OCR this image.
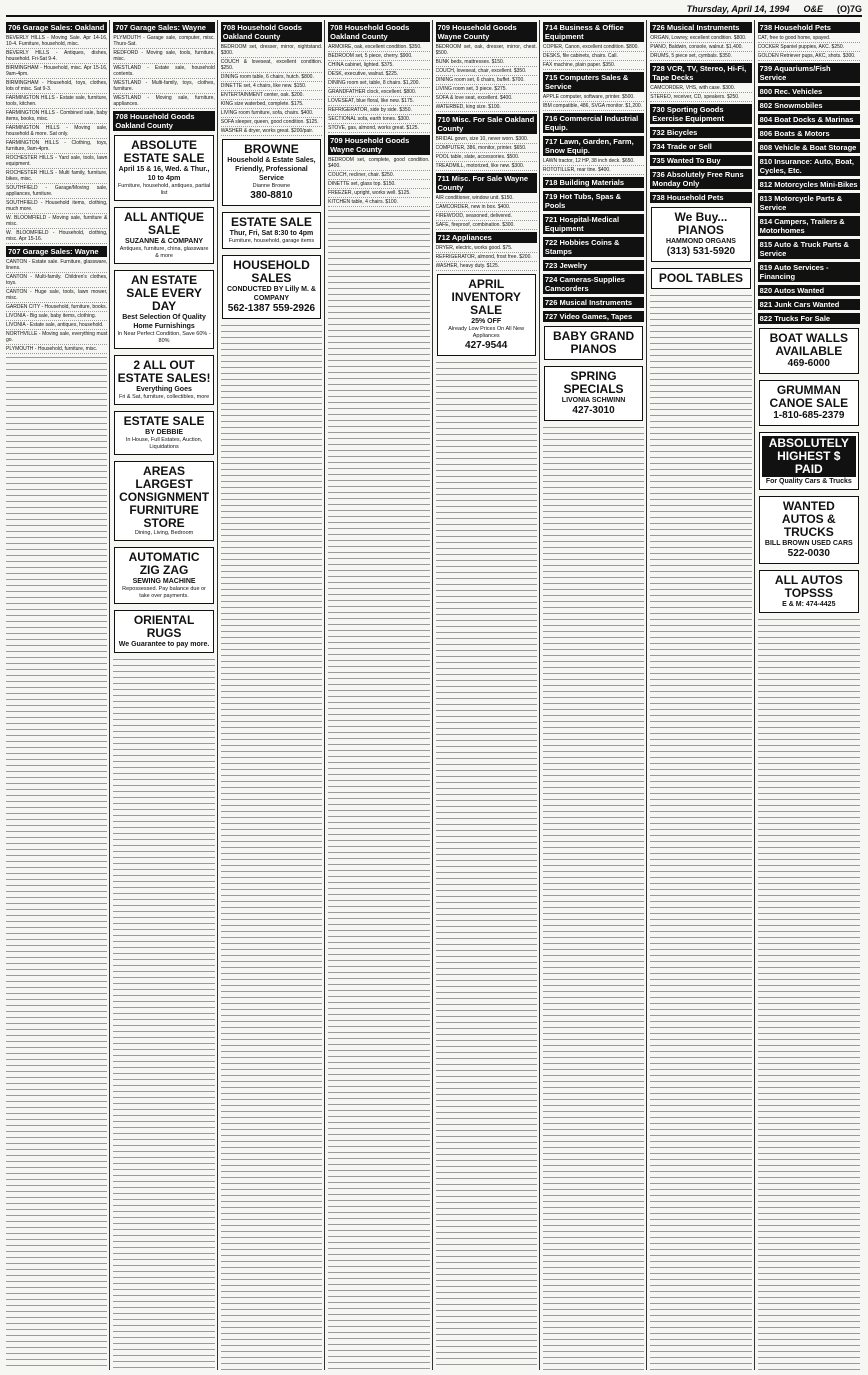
Thursday, April 14, 1994 O&E (O)7G
706 Garage Sales: Oakland
BEVERLY HILLS - Moving Sale. Apr 14-16, 10-4. Furniture, household, misc.
BEVERLY HILLS - Antiques, dishes, household. Fri-Sat 9-4.
BIRMINGHAM - Household, misc. Apr 15-16, 9am-4pm.
BIRMINGHAM - Household, toys, clothes, lots of misc. Sat 9-3.
FARMINGTON HILLS - Estate sale, furniture, tools, kitchen.
FARMINGTON HILLS - Combined sale, baby items, books, misc.
FARMINGTON HILLS - Moving sale, household & more. Sat only.
FARMINGTON HILLS - Clothing, toys, furniture, 9am-4pm.
ROCHESTER HILLS - Yard sale, tools, lawn equipment.
ROCHESTER HILLS - Multi family, furniture, bikes, misc.
SOUTHFIELD - Garage/Moving sale, appliances, furniture.
SOUTHFIELD - Household items, clothing, much more.
W. BLOOMFIELD - Moving sale, furniture & misc.
W. BLOOMFIELD - Household, clothing, misc. Apr 15-16.
707 Garage Sales: Wayne
CANTON - Estate sale. Furniture, glassware, linens.
CANTON - Multi-family. Children's clothes, toys.
CANTON - Huge sale, tools, lawn mower, misc.
GARDEN CITY - Household, furniture, books.
LIVONIA - Big sale, baby items, clothing.
LIVONIA - Estate sale, antiques, household.
NORTHVILLE - Moving sale, everything must go.
PLYMOUTH - Household, furniture, misc.
707 Garage Sales: Wayne
PLYMOUTH - Garage sale, computer, misc. Thurs-Sat.
REDFORD - Moving sale, tools, furniture, misc.
WESTLAND - Estate sale, household contents.
WESTLAND - Multi-family, toys, clothes, furniture.
WESTLAND - Moving sale, furniture, appliances.
708 Household Goods Oakland County
ABSOLUTE ESTATE SALE
April 15 & 16, Wed. & Thur., 10 to 4pm
Furniture, household, antiques, partial list
ALL ANTIQUE SALE
SUZANNE & COMPANY
Antiques, furniture, china, glassware & more
AN ESTATE SALE EVERY DAY
Best Selection Of Quality Home Furnishings
In Near Perfect Condition, Save 60% - 80%
2 ALL OUT ESTATE SALES!
Everything Goes
Fri & Sat, furniture, collectibles, more
ESTATE SALE
BY DEBBIE
In House, Full Estates, Auction, Liquidations
AREAS LARGEST CONSIGNMENT FURNITURE STORE
Dining, Living, Bedroom
AUTOMATIC ZIG ZAG
SEWING MACHINE
Repossessed. Pay balance due or take over payments.
ORIENTAL RUGS
We Guarantee to pay more.
708 Household Goods Oakland County
BEDROOM set, dresser, mirror, nightstand. $300.
COUCH & loveseat, excellent condition. $250.
DINING room table, 6 chairs, hutch. $800.
DINETTE set, 4 chairs, like new. $150.
ENTERTAINMENT center, oak. $200.
KING size waterbed, complete. $175.
LIVING room furniture, sofa, chairs. $400.
SOFA sleeper, queen, good condition. $125.
WASHER & dryer, works great. $200/pair.
BROWNE
Household & Estate Sales, Friendly, Professional Service
Dianne Browne
380-8810
ESTATE SALE
Thur, Fri, Sat 8:30 to 4pm
Furniture, household, garage items
HOUSEHOLD SALES
CONDUCTED BY Lilly M. & COMPANY
562-1387 559-2926
708 Household Goods Oakland County
ARMOIRE, oak, excellent condition. $350.
BEDROOM set, 5 piece, cherry. $900.
CHINA cabinet, lighted. $375.
DESK, executive, walnut. $225.
DINING room set, table, 8 chairs. $1,200.
GRANDFATHER clock, excellent. $800.
LOVESEAT, blue floral, like new. $175.
REFRIGERATOR, side by side. $350.
SECTIONAL sofa, earth tones. $300.
STOVE, gas, almond, works great. $125.
709 Household Goods Wayne County
BEDROOM set, complete, good condition. $400.
COUCH, recliner, chair. $250.
DINETTE set, glass top. $150.
FREEZER, upright, works well. $125.
KITCHEN table, 4 chairs. $100.
709 Household Goods Wayne County
BEDROOM set, oak, dresser, mirror, chest. $500.
BUNK beds, mattresses. $150.
COUCH, loveseat, chair, excellent. $350.
DINING room set, 6 chairs, buffet. $700.
LIVING room set, 3 piece. $275.
SOFA & love seat, excellent. $400.
WATERBED, king size. $100.
710 Misc. For Sale Oakland County
BRIDAL gown, size 10, never worn. $300.
COMPUTER, 386, monitor, printer. $650.
POOL table, slate, accessories. $500.
TREADMILL, motorized, like new. $300.
711 Misc. For Sale Wayne County
AIR conditioner, window unit. $150.
CAMCORDER, new in box. $400.
FIREWOOD, seasoned, delivered.
SAFE, fireproof, combination. $300.
712 Appliances
DRYER, electric, works good. $75.
REFRIGERATOR, almond, frost free. $200.
WASHER, heavy duty. $125.
APRIL INVENTORY SALE
25% OFF
Already Low Prices On All New Appliances
427-9544
714 Business & Office Equipment
COPIER, Canon, excellent condition. $800.
DESKS, file cabinets, chairs. Call.
FAX machine, plain paper. $350.
715 Computers Sales & Service
APPLE computer, software, printer. $500.
IBM compatible, 486, SVGA monitor. $1,200.
716 Commercial Industrial Equip.
717 Lawn, Garden, Farm, Snow Equip.
LAWN tractor, 12 HP, 38 inch deck. $650.
ROTOTILLER, rear tine. $400.
718 Building Materials
719 Hot Tubs, Spas & Pools
721 Hospital-Medical Equipment
722 Hobbies Coins & Stamps
723 Jewelry
724 Cameras-Supplies Camcorders
726 Musical Instruments
727 Video Games, Tapes
BABY GRAND PIANOS
SPRING SPECIALS
LIVONIA SCHWINN
427-3010
726 Musical Instruments
ORGAN, Lowrey, excellent condition. $800.
PIANO, Baldwin, console, walnut. $1,400.
DRUMS, 5 piece set, cymbals. $350.
728 VCR, TV, Stereo, Hi-Fi, Tape Decks
CAMCORDER, VHS, with case. $300.
STEREO, receiver, CD, speakers. $250.
730 Sporting Goods Exercise Equipment
732 Bicycles
734 Trade or Sell
735 Wanted To Buy
736 Absolutely Free Runs Monday Only
738 Household Pets
We Buy... PIANOS
HAMMOND ORGANS
(313) 531-5920
POOL TABLES
738 Household Pets
CAT, free to good home, spayed.
COCKER Spaniel puppies, AKC. $250.
GOLDEN Retriever pups, AKC, shots. $300.
739 Aquariums/Fish Service
800 Rec. Vehicles
802 Snowmobiles
804 Boat Docks & Marinas
806 Boats & Motors
808 Vehicle & Boat Storage
810 Insurance: Auto, Boat, Cycles, Etc.
812 Motorcycles Mini-Bikes
813 Motorcycle Parts & Service
814 Campers, Trailers & Motorhomes
815 Auto & Truck Parts & Service
819 Auto Services - Financing
820 Autos Wanted
821 Junk Cars Wanted
822 Trucks For Sale
BOAT WALLS AVAILABLE
469-6000
GRUMMAN CANOE SALE
1-810-685-2379
ABSOLUTELY HIGHEST $ PAID
For Quality Cars & Trucks
WANTED AUTOS & TRUCKS
BILL BROWN USED CARS
522-0030
ALL AUTOS TOPSSS
E & M: 474-4425
